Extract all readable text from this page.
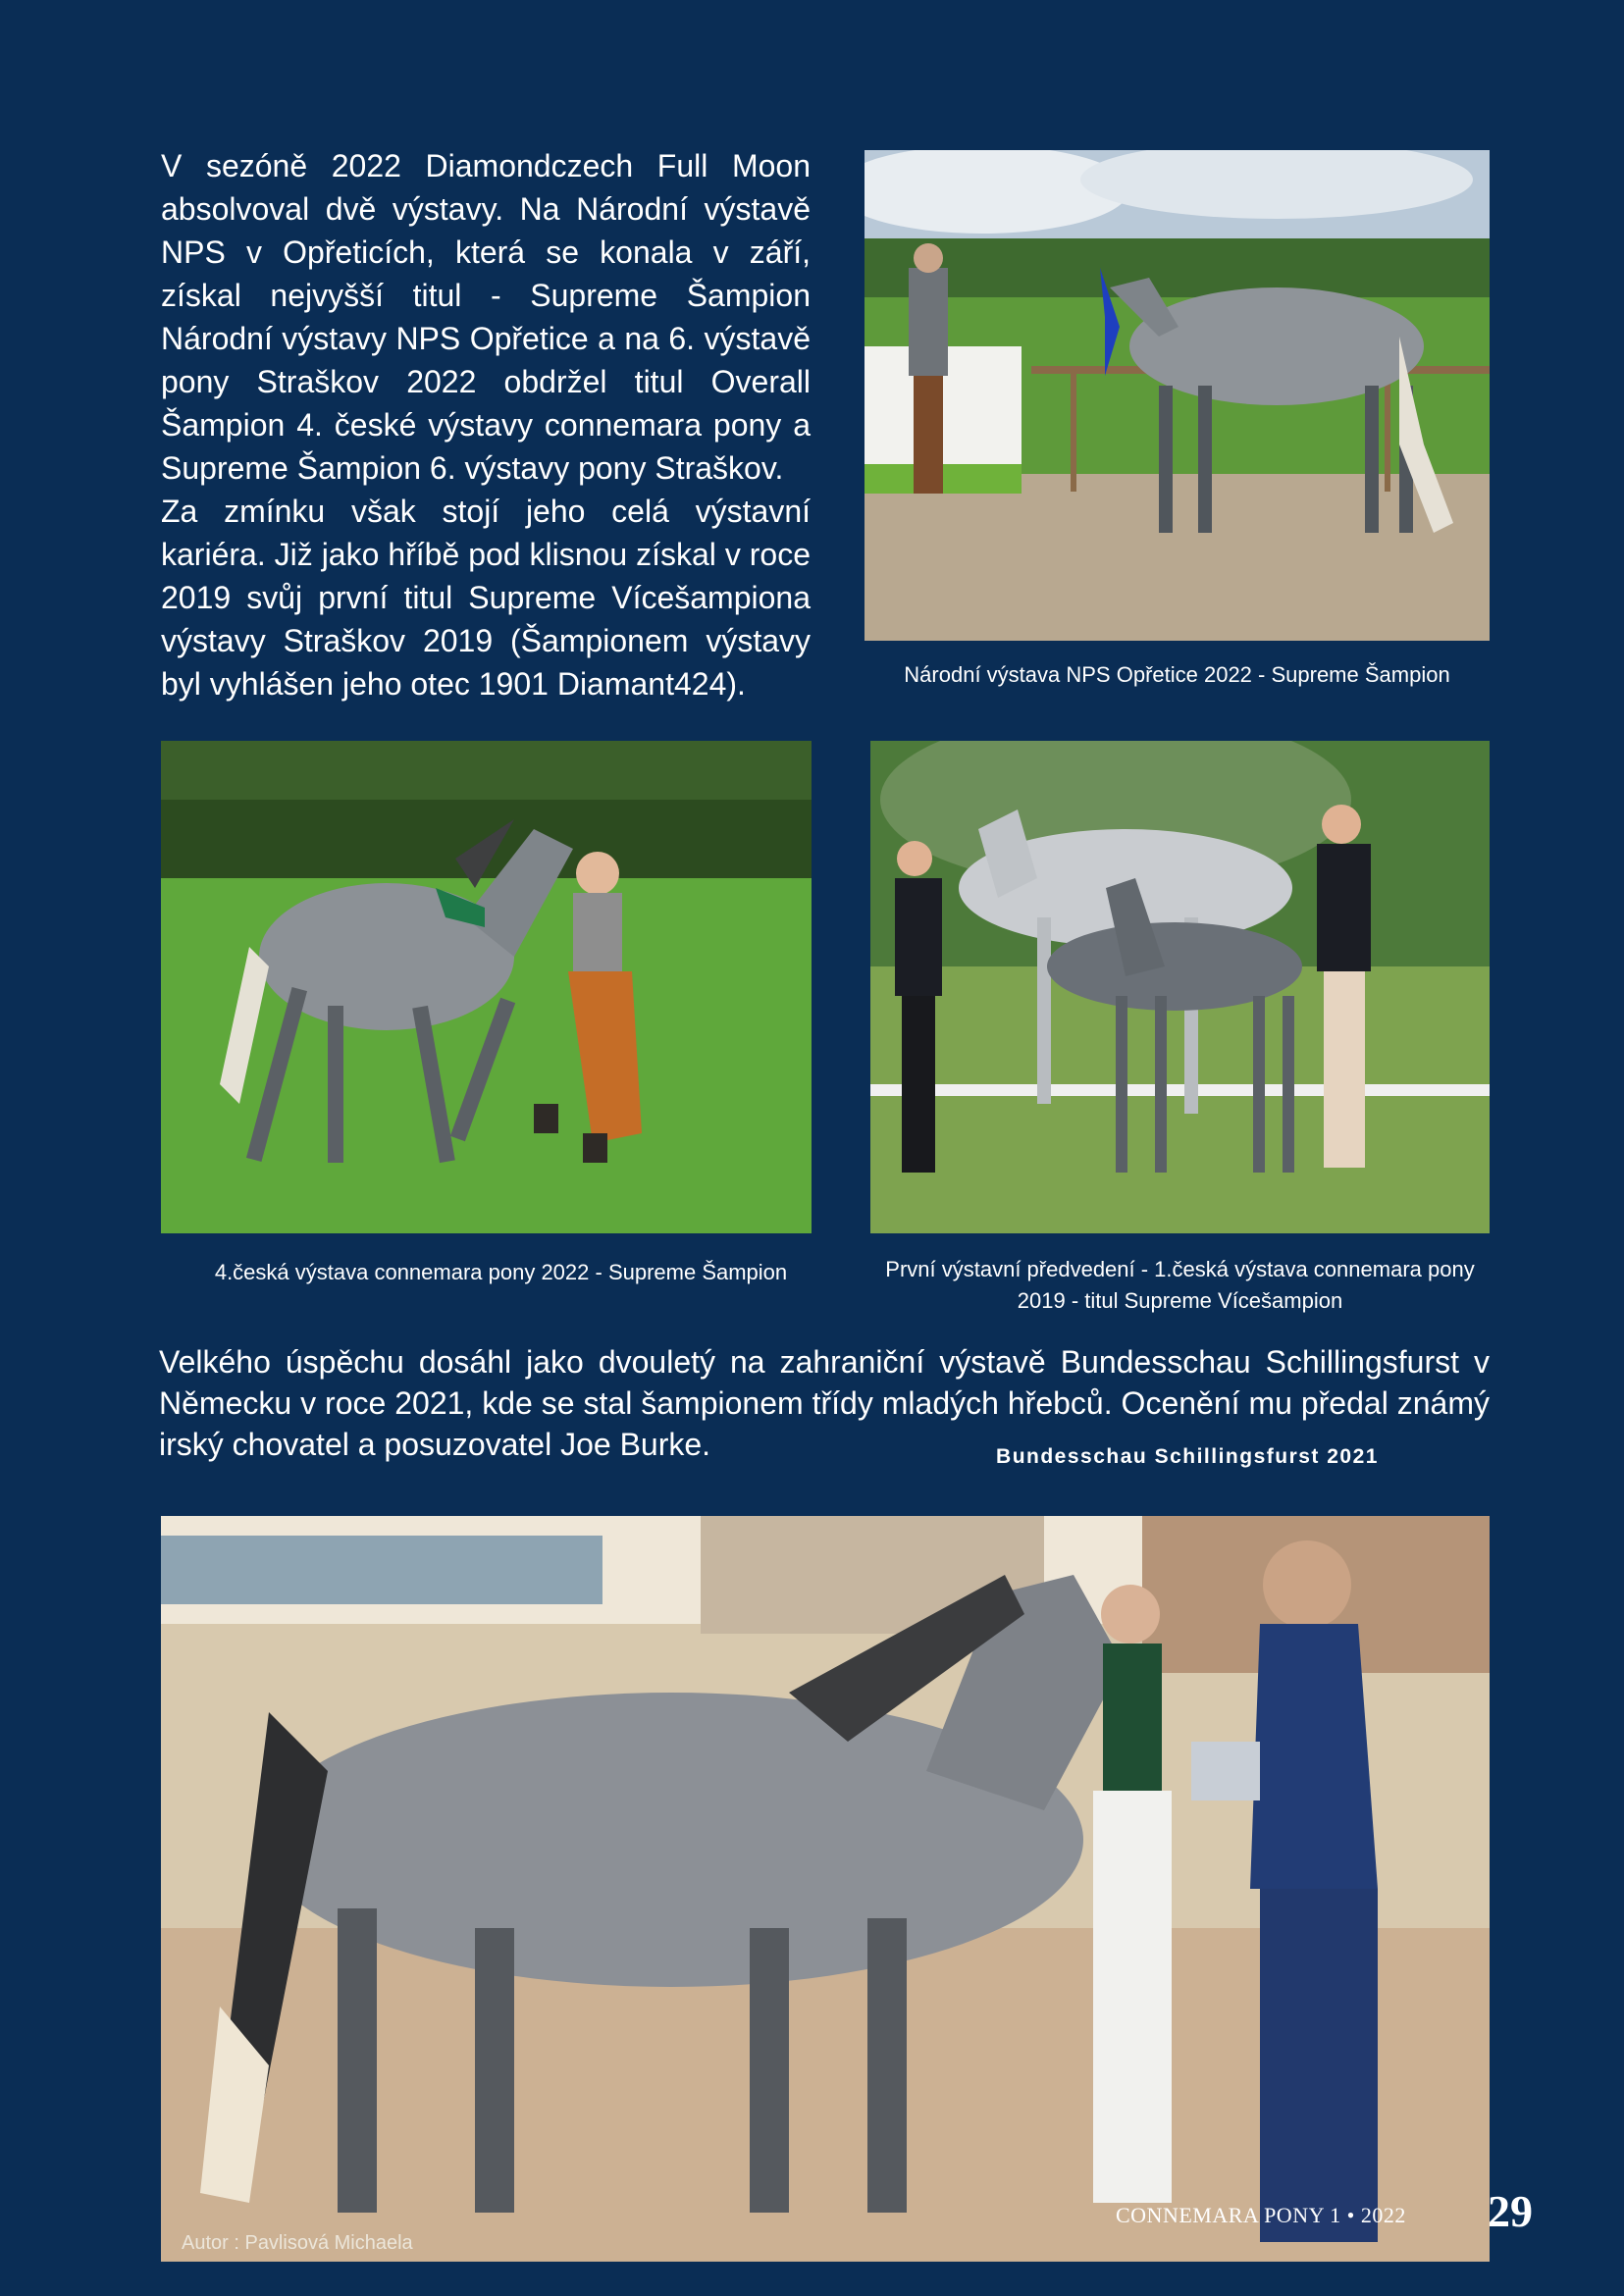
V sezóně 2022 Diamondczech Full Moon absolvoval dvě výstavy. Na Národní výstavě NPS v Opřeticích, která se konala v září, získal nejvyšší titul - Supreme Šampion Národní výstavy NPS Opřetice a na 6. výstavě pony Straškov 2022 obdržel titul Overall Šampion 4. české výstavy connemara pony a Supreme Šampion 6. výstavy pony Straškov.

Za zmínku však stojí jeho celá výstavní kariéra. Již jako hříbě pod klisnou získal v roce 2019 svůj první titul Supreme Vícešampiona výstavy Straškov 2019 (Šampionem výstavy byl vyhlášen jeho otec 1901 Diamant424).	Národní výstava NPS Opřetice 2022 - Supreme Šampion

4.česká výstava connemara pony 2022 - Supreme Šampion	První výstavní předvedení - 1.česká výstava connemara pony 2019 - titul Supreme Vícešampion

Velkého úspěchu dosáhl jako dvouletý na zahraniční výstavě Bundesschau Schillingsfurst v Německu v roce 2021, kde se stal šampionem třídy mladých hřebců. Ocenění mu předal známý irský chovatel a posuzovatel Joe Burke.	Bundesschau Schillingsfurst 2021

Autor : Pavlisová Michaela

CONNEMARA PONY 1 • 2022 29
